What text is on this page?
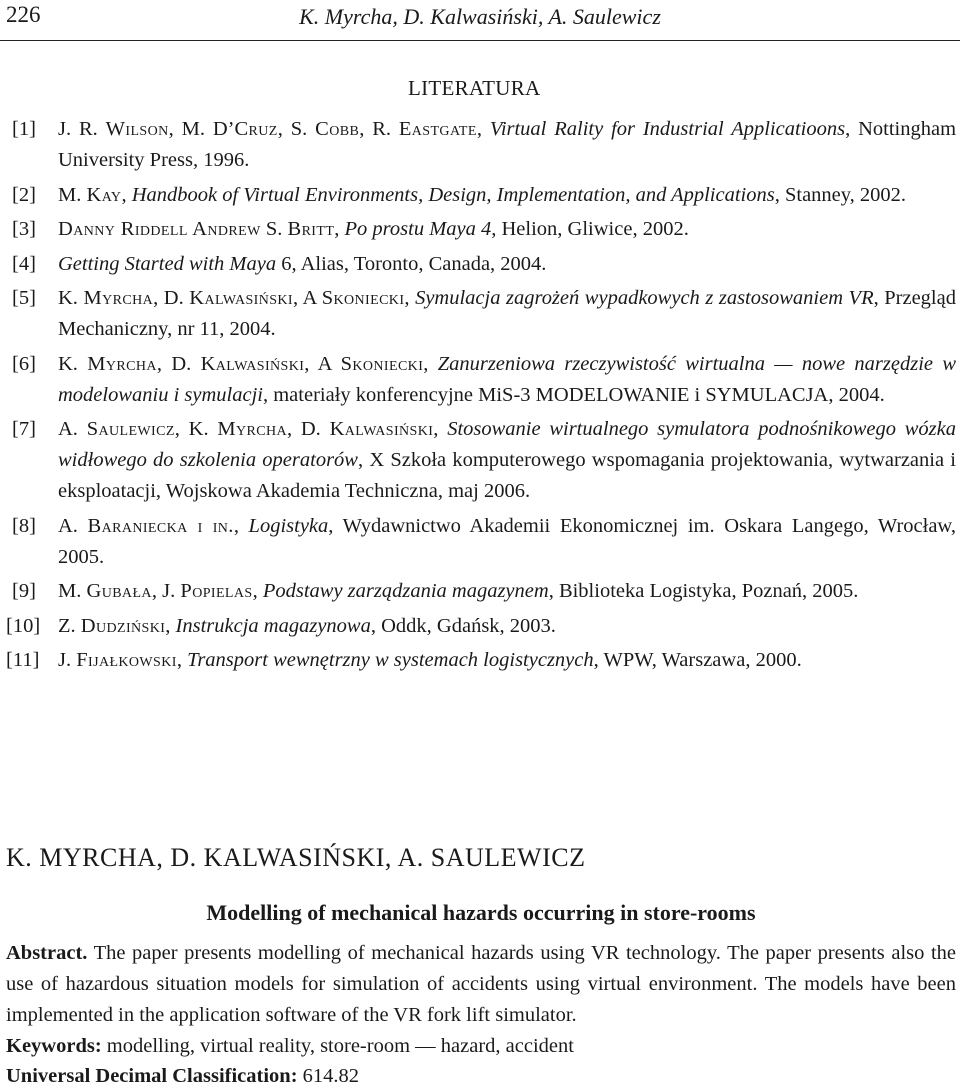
226	K. Myrcha, D. Kalwasiński, A. Saulewicz
LITERATURA
[1] J. R. Wilson, M. D’Cruz, S. Cobb, R. Eastgate, Virtual Rality for Industrial Applicatioons, Nottingham University Press, 1996.
[2] M. Kay, Handbook of Virtual Environments, Design, Implementation, and Applications, Stanney, 2002.
[3] Danny Riddell Andrew S. Britt, Po prostu Maya 4, Helion, Gliwice, 2002.
[4] Getting Started with Maya 6, Alias, Toronto, Canada, 2004.
[5] K. Myrcha, D. Kalwasiński, A Skoniecki, Symulacja zagrożeń wypadkowych z zastosowaniem VR, Przegląd Mechaniczny, nr 11, 2004.
[6] K. Myrcha, D. Kalwasiński, A Skoniecki, Zanurzeniowa rzeczywistość wirtualna — nowe narzędzie w modelowaniu i symulacji, materiały konferencyjne MiS-3 MODELOWANIE i SYMULACJA, 2004.
[7] A. Saulewicz, K. Myrcha, D. Kalwasiński, Stosowanie wirtualnego symulatora podnośnikowego wózka widłowego do szkolenia operatorów, X Szkoła komputerowego wspomagania projektowania, wytwarzania i eksploatacji, Wojskowa Akademia Techniczna, maj 2006.
[8] A. Baraniecka i in., Logistyka, Wydawnictwo Akademii Ekonomicznej im. Oskara Langego, Wrocław, 2005.
[9] M. Gubała, J. Popielas, Podstawy zarządzania magazynem, Biblioteka Logistyka, Poznań, 2005.
[10] Z. Dudziński, Instrukcja magazynowa, Oddk, Gdańsk, 2003.
[11] J. Fijałkowski, Transport wewnętrzny w systemach logistycznych, WPW, Warszawa, 2000.

K. MYRCHA, D. KALWASIŃSKI, A. SAULEWICZ

Modelling of mechanical hazards occurring in store-rooms

Abstract. The paper presents modelling of mechanical hazards using VR technology. The paper presents also the use of hazardous situation models for simulation of accidents using virtual environment. The models have been implemented in the application software of the VR fork lift simulator.

Keywords: modelling, virtual reality, store-room — hazard, accident

Universal Decimal Classification: 614.82
